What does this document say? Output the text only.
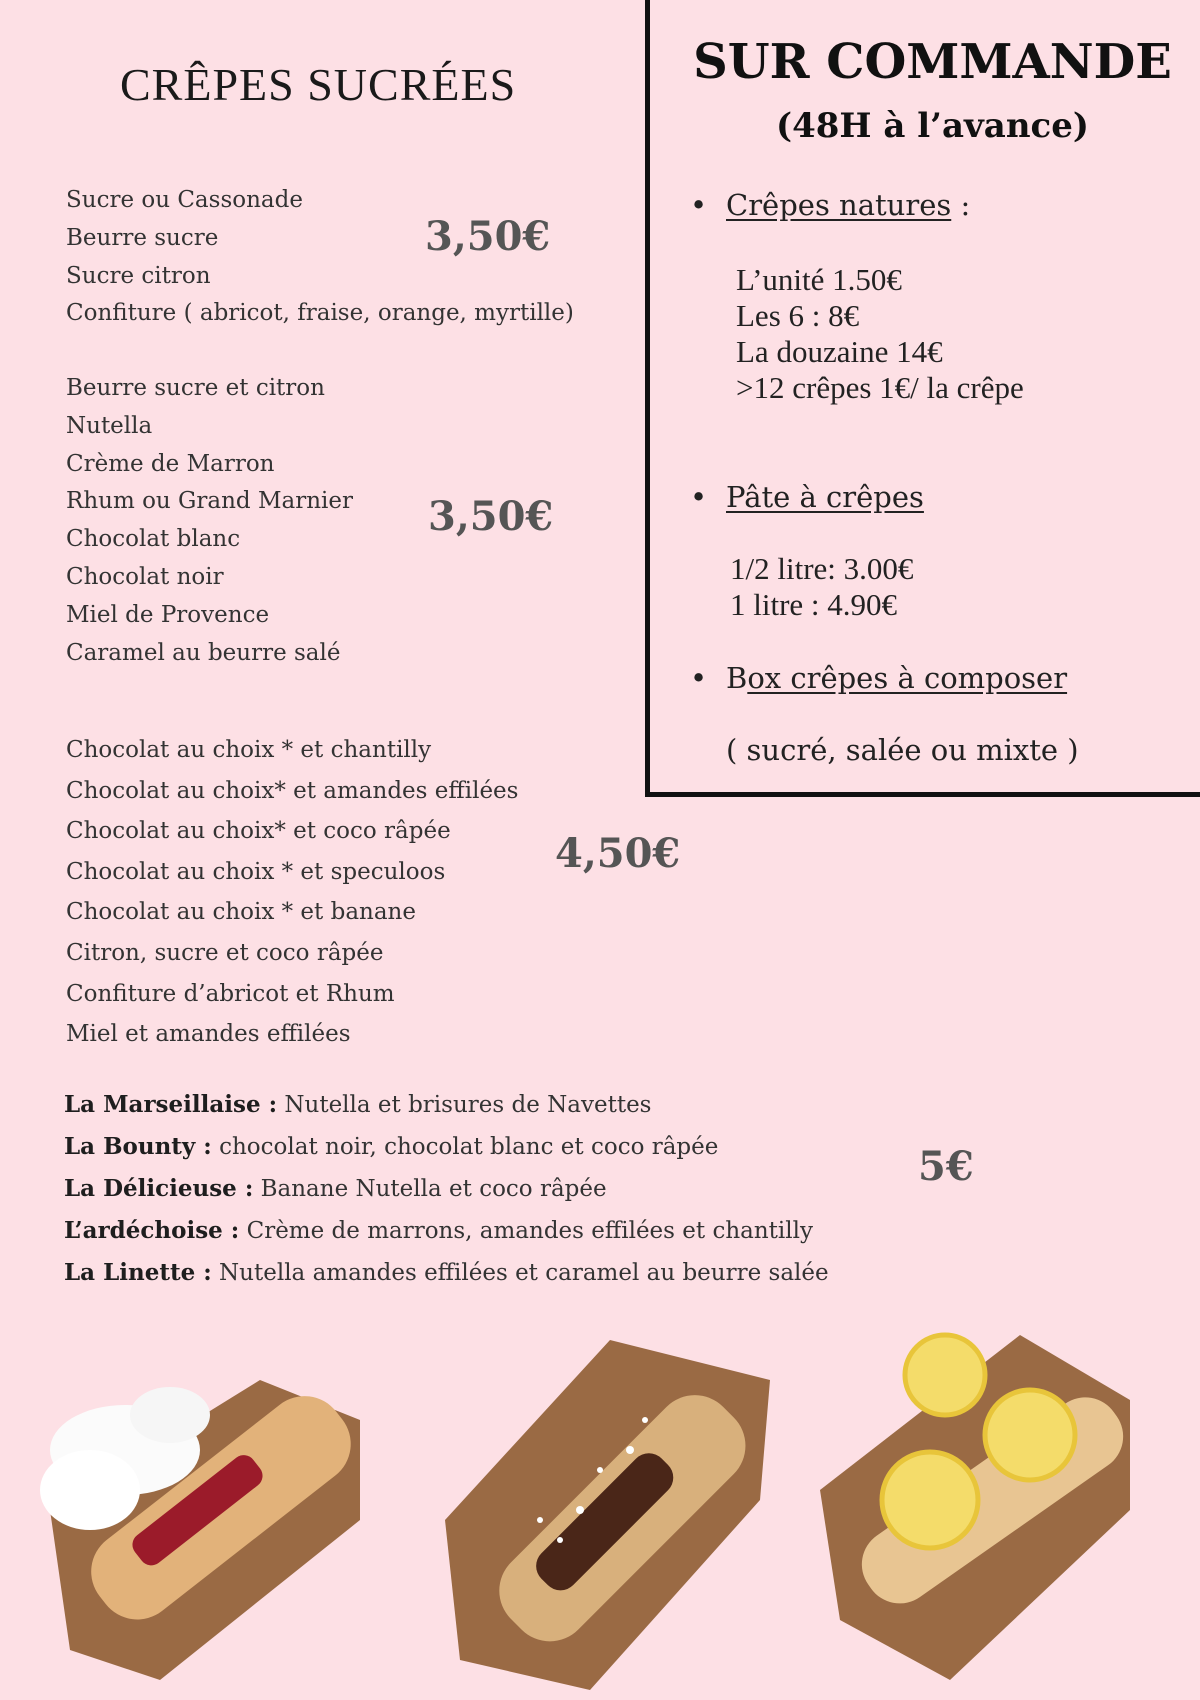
CRÊPES SUCRÉES
Sucre ou Cassonade
Beurre sucre
Sucre citron
Confiture ( abricot, fraise, orange, myrtille)
3,50€
Beurre sucre et citron
Nutella
Crème de Marron
Rhum ou Grand Marnier
Chocolat blanc
Chocolat noir
Miel de Provence
Caramel au beurre salé
3,50€
Chocolat au choix * et chantilly
Chocolat au choix* et amandes effilées
Chocolat au choix* et coco râpée
Chocolat au choix * et speculoos
Chocolat au choix * et banane
Citron, sucre et coco râpée
Confiture d’abricot et Rhum
Miel et amandes effilées
4,50€
La Marseillaise : Nutella et brisures de Navettes
La Bounty : chocolat noir, chocolat blanc et coco râpée
La Délicieuse : Banane Nutella et coco râpée
L’ardéchoise : Crème de marrons, amandes effilées et chantilly
La Linette : Nutella amandes effilées et caramel au beurre salée
5€
SUR COMMANDE
(48H à l’avance)
• Crêpes natures :
L’unité 1.50€
Les 6 : 8€
La douzaine 14€
>12 crêpes 1€/ la crêpe
• Pâte à crêpes
1/2 litre: 3.00€
1 litre : 4.90€
• Box crêpes à composer
( sucré, salée ou mixte )
